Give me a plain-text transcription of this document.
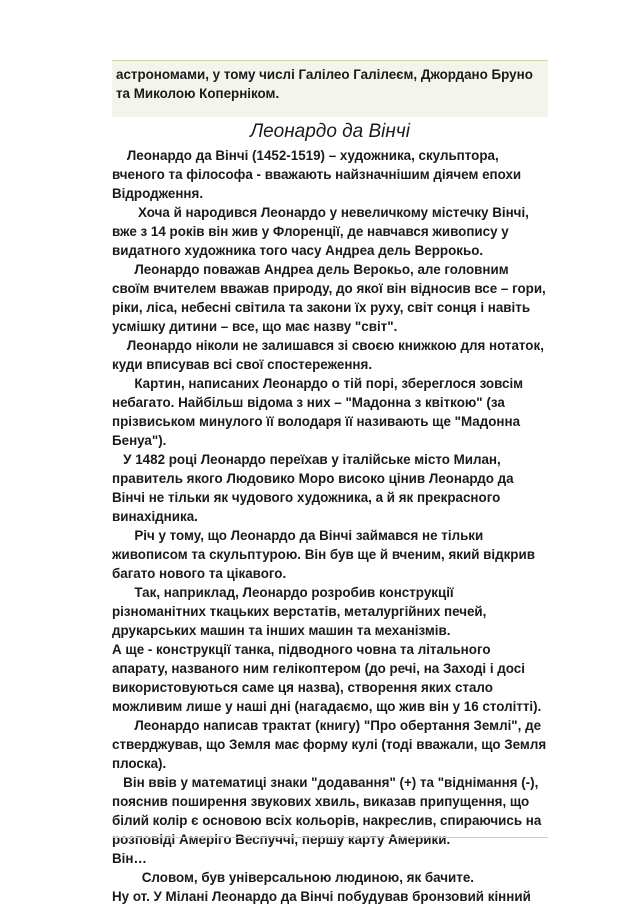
астрономами, у тому числі Галілео Галілеєм, Джордано Бруно та Миколою Коперніком.
Леонардо да Вінчі

Леонардо да Вінчі (1452-1519) – художника, скульптора, вченого та філософа - вважають найзначнішим діячем епохи Відродження.

Хоча й народився Леонардо у невеличкому містечку Вінчі, вже з 14 років він жив у Флоренції, де навчався живопису у видатного художника того часу Андреа дель Веррокьо.

Леонардо поважав Андреа дель Верокьо, але головним своїм вчителем вважав природу, до якої він відносив все – гори, ріки, ліса, небесні світила та закони їх руху, світ сонця і навіть усмішку дитини – все, що має назву "світ".

Леонардо ніколи не залишався зі своєю книжкою для нотаток, куди вписував всі свої спостереження.

Картин, написаних Леонардо о тій порі, збереглося зовсім небагато. Найбільш відома з них – "Мадонна з квіткою" (за прізвиськом минулого її володаря її називають ще "Мадонна Бенуа").

У 1482 році Леонардо переїхав у італійське місто Милан, правитель якого Людовико Моро високо цінив Леонардо да Вінчі не тільки як чудового художника, а й як прекрасного винахідника.

Річ у тому, що Леонардо да Вінчі займався не тільки живописом та скульптурою. Він був ще й вченим, який відкрив багато нового та цікавого.

Так, наприклад, Леонардо розробив конструкції різноманітних ткацьких верстатів, металургійних печей, друкарських машин та інших машин та механізмів.

А ще - конструкції танка, підводного човна та літального апарату, названого ним гелікоптером (до речі, на Заході і досі використовуються саме ця назва), створення яких стало можливим лише у наші дні (нагадаємо, що жив він у 16 столітті).

Леонардо написав трактат (книгу) "Про обертання Землі", де стверджував, що Земля має форму кулі (тоді вважали, що Земля плоска).

Він ввів у математиці знаки "додавання" (+) та "віднімання (-), пояснив поширення звукових хвиль, виказав припущення, що білий колір є основою всіх кольорів, накреслив, спираючись на розповіді Амеріго Веспуччі, першу карту Америки.

Він…

Словом, був універсальною людиною, як бачите.

Ну от. У Мілані Леонардо да Вінчі побудував бронзовий кінний
